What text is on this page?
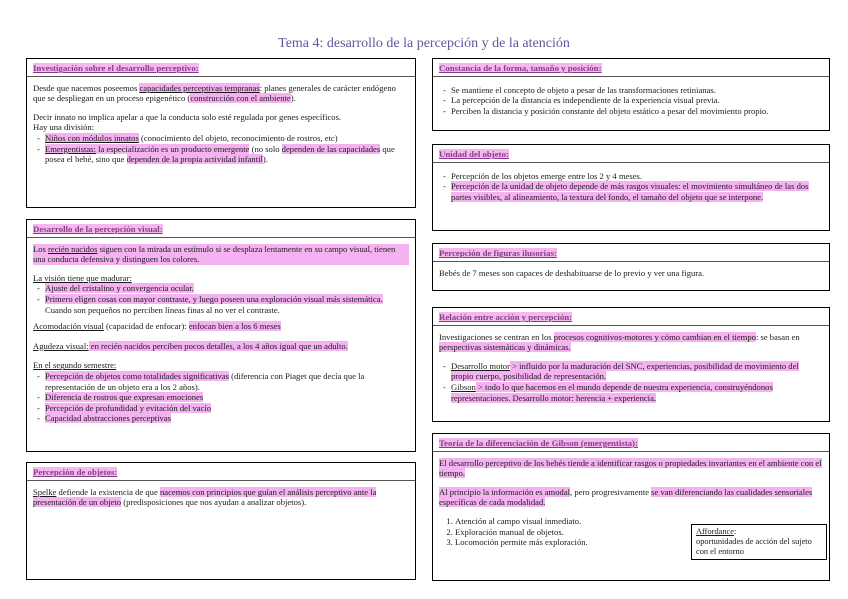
Tema 4: desarrollo de la percepción y de la atención
Investigación sobre el desarrollo perceptivo:

Desde que nacemos poseemos capacidades perceptivas tempranas: planes generales de carácter endógeno que se despliegan en un proceso epigenético (construcción con el ambiente).

Decir innato no implica apelar a que la conducta solo esté regulada por genes específicos.
Hay una división:
- Niños con módulos innatos (conocimiento del objeto, reconocimiento de rostros, etc)
- Emergentistas: la especialización es un producto emergente (no solo dependen de las capacidades que posea el bebé, sino que dependen de la propia actividad infantil).
Desarrollo de la percepción visual:

Los recién nacidos siguen con la mirada un estímulo si se desplaza lentamente en su campo visual, tienen una conducta defensiva y distinguen los colores.

La visión tiene que madurar:
- Ajuste del cristalino y convergencia ocular.
- Primero eligen cosas con mayor contraste, y luego poseen una exploración visual más sistemática. Cuando son pequeños no perciben líneas finas al no ver el contraste.

Acomodación visual (capacidad de enfocar): enfocan bien a los 6 meses

Agudeza visual: en recién nacidos perciben pocos detalles, a los 4 años igual que un adulto.

En el segundo semestre:
- Percepción de objetos como totalidades significativas (diferencia con Piaget que decía que la representación de un objeto era a los 2 años).
- Diferencia de rostros que expresan emociones
- Percepción de profundidad y evitación del vacío
- Capacidad abstracciones perceptivas
Percepción de objetos:

Spelke defiende la existencia de que nacemos con principios que guían el análisis perceptivo ante la presentación de un objeto (predisposiciones que nos ayudan a analizar objetos).

Constancia de la forma, tamaño y posición:
- Se mantiene el concepto de objeto a pesar de las transformaciones retinianas.
- La percepción de la distancia es independiente de la experiencia visual previa.
- Perciben la distancia y posición constante del objeto estático a pesar del movimiento propio.
Unidad del objeto:
- Percepción de los objetos emerge entre los 2 y 4 meses.
- Percepción de la unidad de objeto depende de más rasgos visuales: el movimiento simultáneo de las dos partes visibles, al alineamiento, la textura del fondo, el tamaño del objeto que se interpone.
Percepción de figuras ilusorias:
Bebés de 7 meses son capaces de deshabituarse de lo previo y ver una figura.
Relación entre acción y percepción:

Investigaciones se centran en los procesos cognitivos-motores y cómo cambian en el tiempo: se basan en perspectivas sistemáticas y dinámicas.

- Desarrollo motor > influido por la maduración del SNC, experiencias, posibilidad de movimiento del propio cuerpo, posibilidad de representación.
- Gibson > todo lo que hacemos en el mundo depende de nuestra experiencia, construyéndonos representaciones. Desarrollo motor: herencia + experiencia.
Teoría de la diferenciación de Gibson (emergentista):

El desarrollo perceptivo de los bebés tiende a identificar rasgos o propiedades invariantes en el ambiente con el tiempo.

Al principio la información es amodal, pero progresivamente se van diferenciando las cualidades sensoriales específicas de cada modalidad.

1. Atención al campo visual inmediato.
2. Exploración manual de objetos.
3. Locomoción permite más exploración.
Affordance:
oportunidades de acción del sujeto con el entorno
